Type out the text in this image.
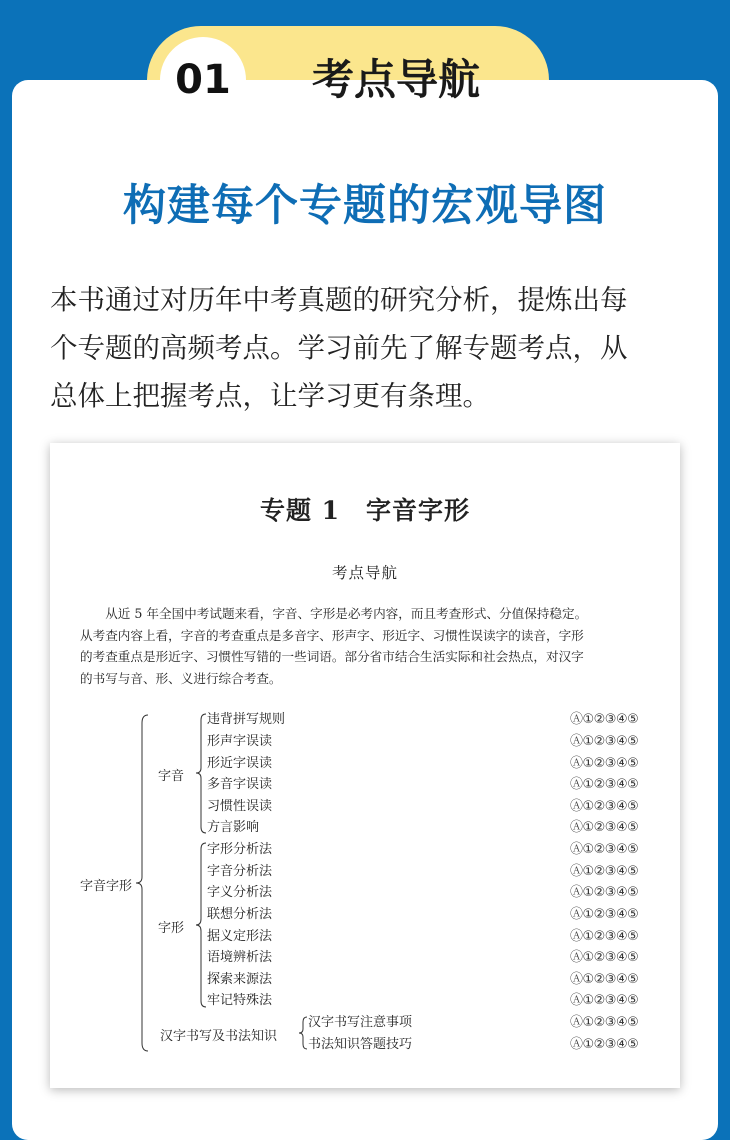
01	考点导航
构建每个专题的宏观导图
本书通过对历年中考真题的研究分析，提炼出每
个专题的高频考点。学习前先了解专题考点，从
总体上把握考点，让学习更有条理。
专题 1　字音字形
考点导航
　　从近 5 年全国中考试题来看，字音、字形是必考内容，而且考查形式、分值保持稳定。
从考查内容上看，字音的考查重点是多音字、形声字、形近字、习惯性误读字的读音，字形
的考查重点是形近字、习惯性写错的一些词语。部分省市结合生活实际和社会热点，对汉字
的书写与音、形、义进行综合考查。
字音字形
字音
字形
汉字书写及书法知识
违背拼写规则
形声字误读
形近字误读
多音字误读
习惯性误读
方言影响
字形分析法
字音分析法
字义分析法
联想分析法
据义定形法
语境辨析法
探索来源法
牢记特殊法
汉字书写注意事项
书法知识答题技巧
Ⓐ①②③④⑤
Ⓐ①②③④⑤
Ⓐ①②③④⑤
Ⓐ①②③④⑤
Ⓐ①②③④⑤
Ⓐ①②③④⑤
Ⓐ①②③④⑤
Ⓐ①②③④⑤
Ⓐ①②③④⑤
Ⓐ①②③④⑤
Ⓐ①②③④⑤
Ⓐ①②③④⑤
Ⓐ①②③④⑤
Ⓐ①②③④⑤
Ⓐ①②③④⑤
Ⓐ①②③④⑤
